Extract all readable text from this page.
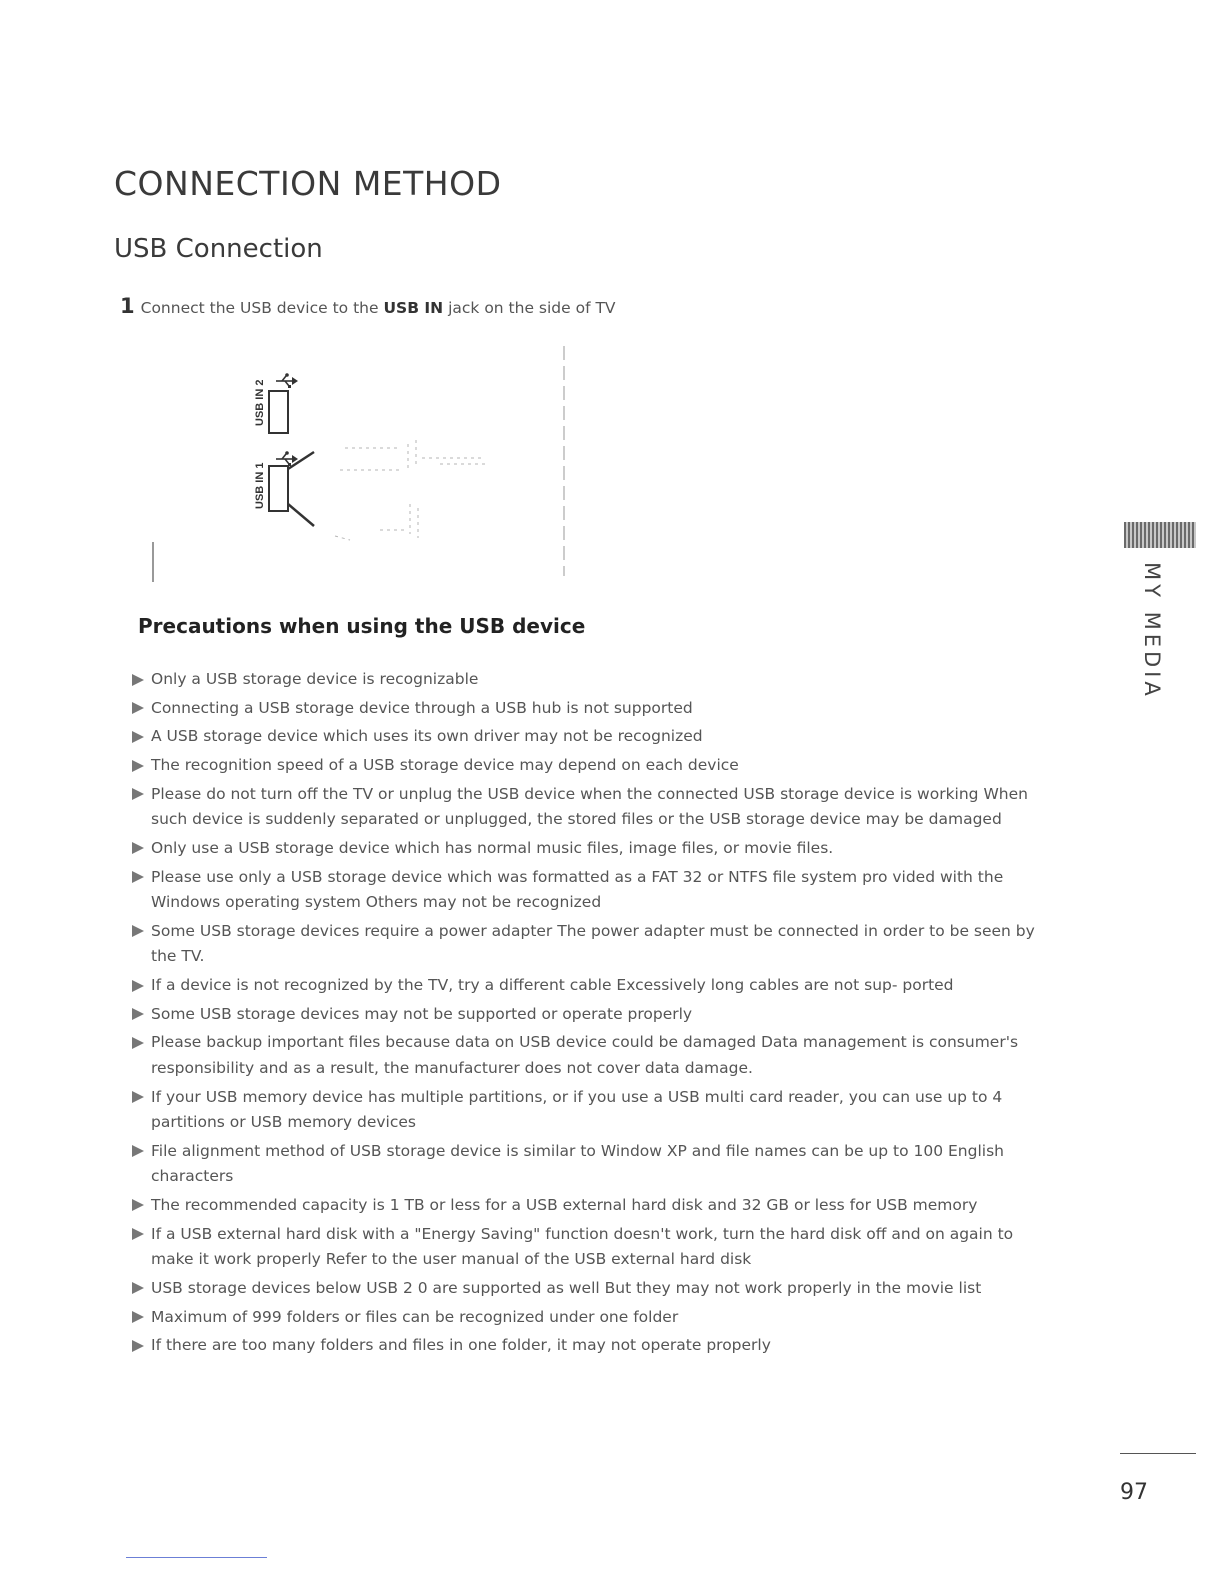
CONNECTION METHOD
USB Connection
1 Connect the USB device to the USB IN jack on the side of TV
USB IN 2
USB IN 1
Precautions when using the USB device
Only a USB storage device is recognizable
Connecting a USB storage device through a USB hub is not supported
A USB storage device which uses its own driver may not be recognized
The recognition speed of a USB storage device may depend on each device
Please do not turn off the TV or unplug the USB device when the connected USB storage device is working When such device is suddenly separated or unplugged, the stored files or the USB storage device may be damaged
Only use a USB storage device which has normal music files, image files, or movie files.
Please use only a USB storage device which was formatted as a FAT 32 or NTFS file system pro vided with the Windows operating system Others may not be recognized
Some USB storage devices require a power adapter The power adapter must be connected in order to be seen by the TV.
If a device is not recognized by the TV, try a different cable Excessively long cables are not sup- ported
Some USB storage devices may not be supported or operate properly
Please backup important files because data on USB device could be damaged Data management is consumer's responsibility and as a result, the manufacturer does not cover data damage.
If your USB memory device has multiple partitions, or if you use a USB multi card reader, you can use up to 4 partitions or USB memory devices
File alignment method of USB storage device is similar to Window XP and file names can be up to 100 English characters
The recommended capacity is 1 TB or less for a USB external hard disk and 32 GB or less for USB memory
If a USB external hard disk with a "Energy Saving" function doesn't work, turn the hard disk off and on again to make it work properly Refer to the user manual of the USB external hard disk
USB storage devices below USB 2 0 are supported as well But they may not work properly in the movie list
Maximum of 999 folders or files can be recognized under one folder
If there are too many folders and files in one folder, it may not operate properly
MY MEDIA
97
